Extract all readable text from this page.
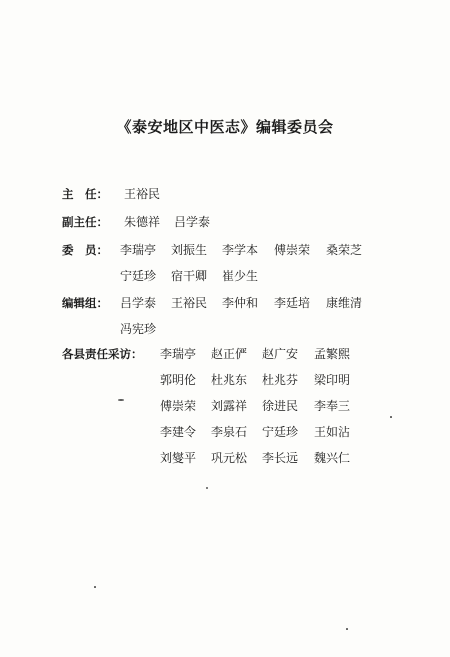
《泰安地区中医志》编辑委员会
主　任： 王裕民
副主任： 朱德祥 吕学泰
委　员： 李瑞亭 刘振生 李学本 傅崇荣 桑荣芝
宁廷珍 宿干卿 崔少生
编辑组： 吕学泰 王裕民 李仲和 李廷培 康维清
冯宪珍
各县责任采访： 李瑞亭 赵正俨 赵广安 孟繁熙
郭明伦 杜兆东 杜兆芬 梁印明
傅崇荣 刘露祥 徐进民 李奉三
李建令 李泉石 宁廷珍 王如沾
刘燮平 巩元松 李长远 魏兴仁
